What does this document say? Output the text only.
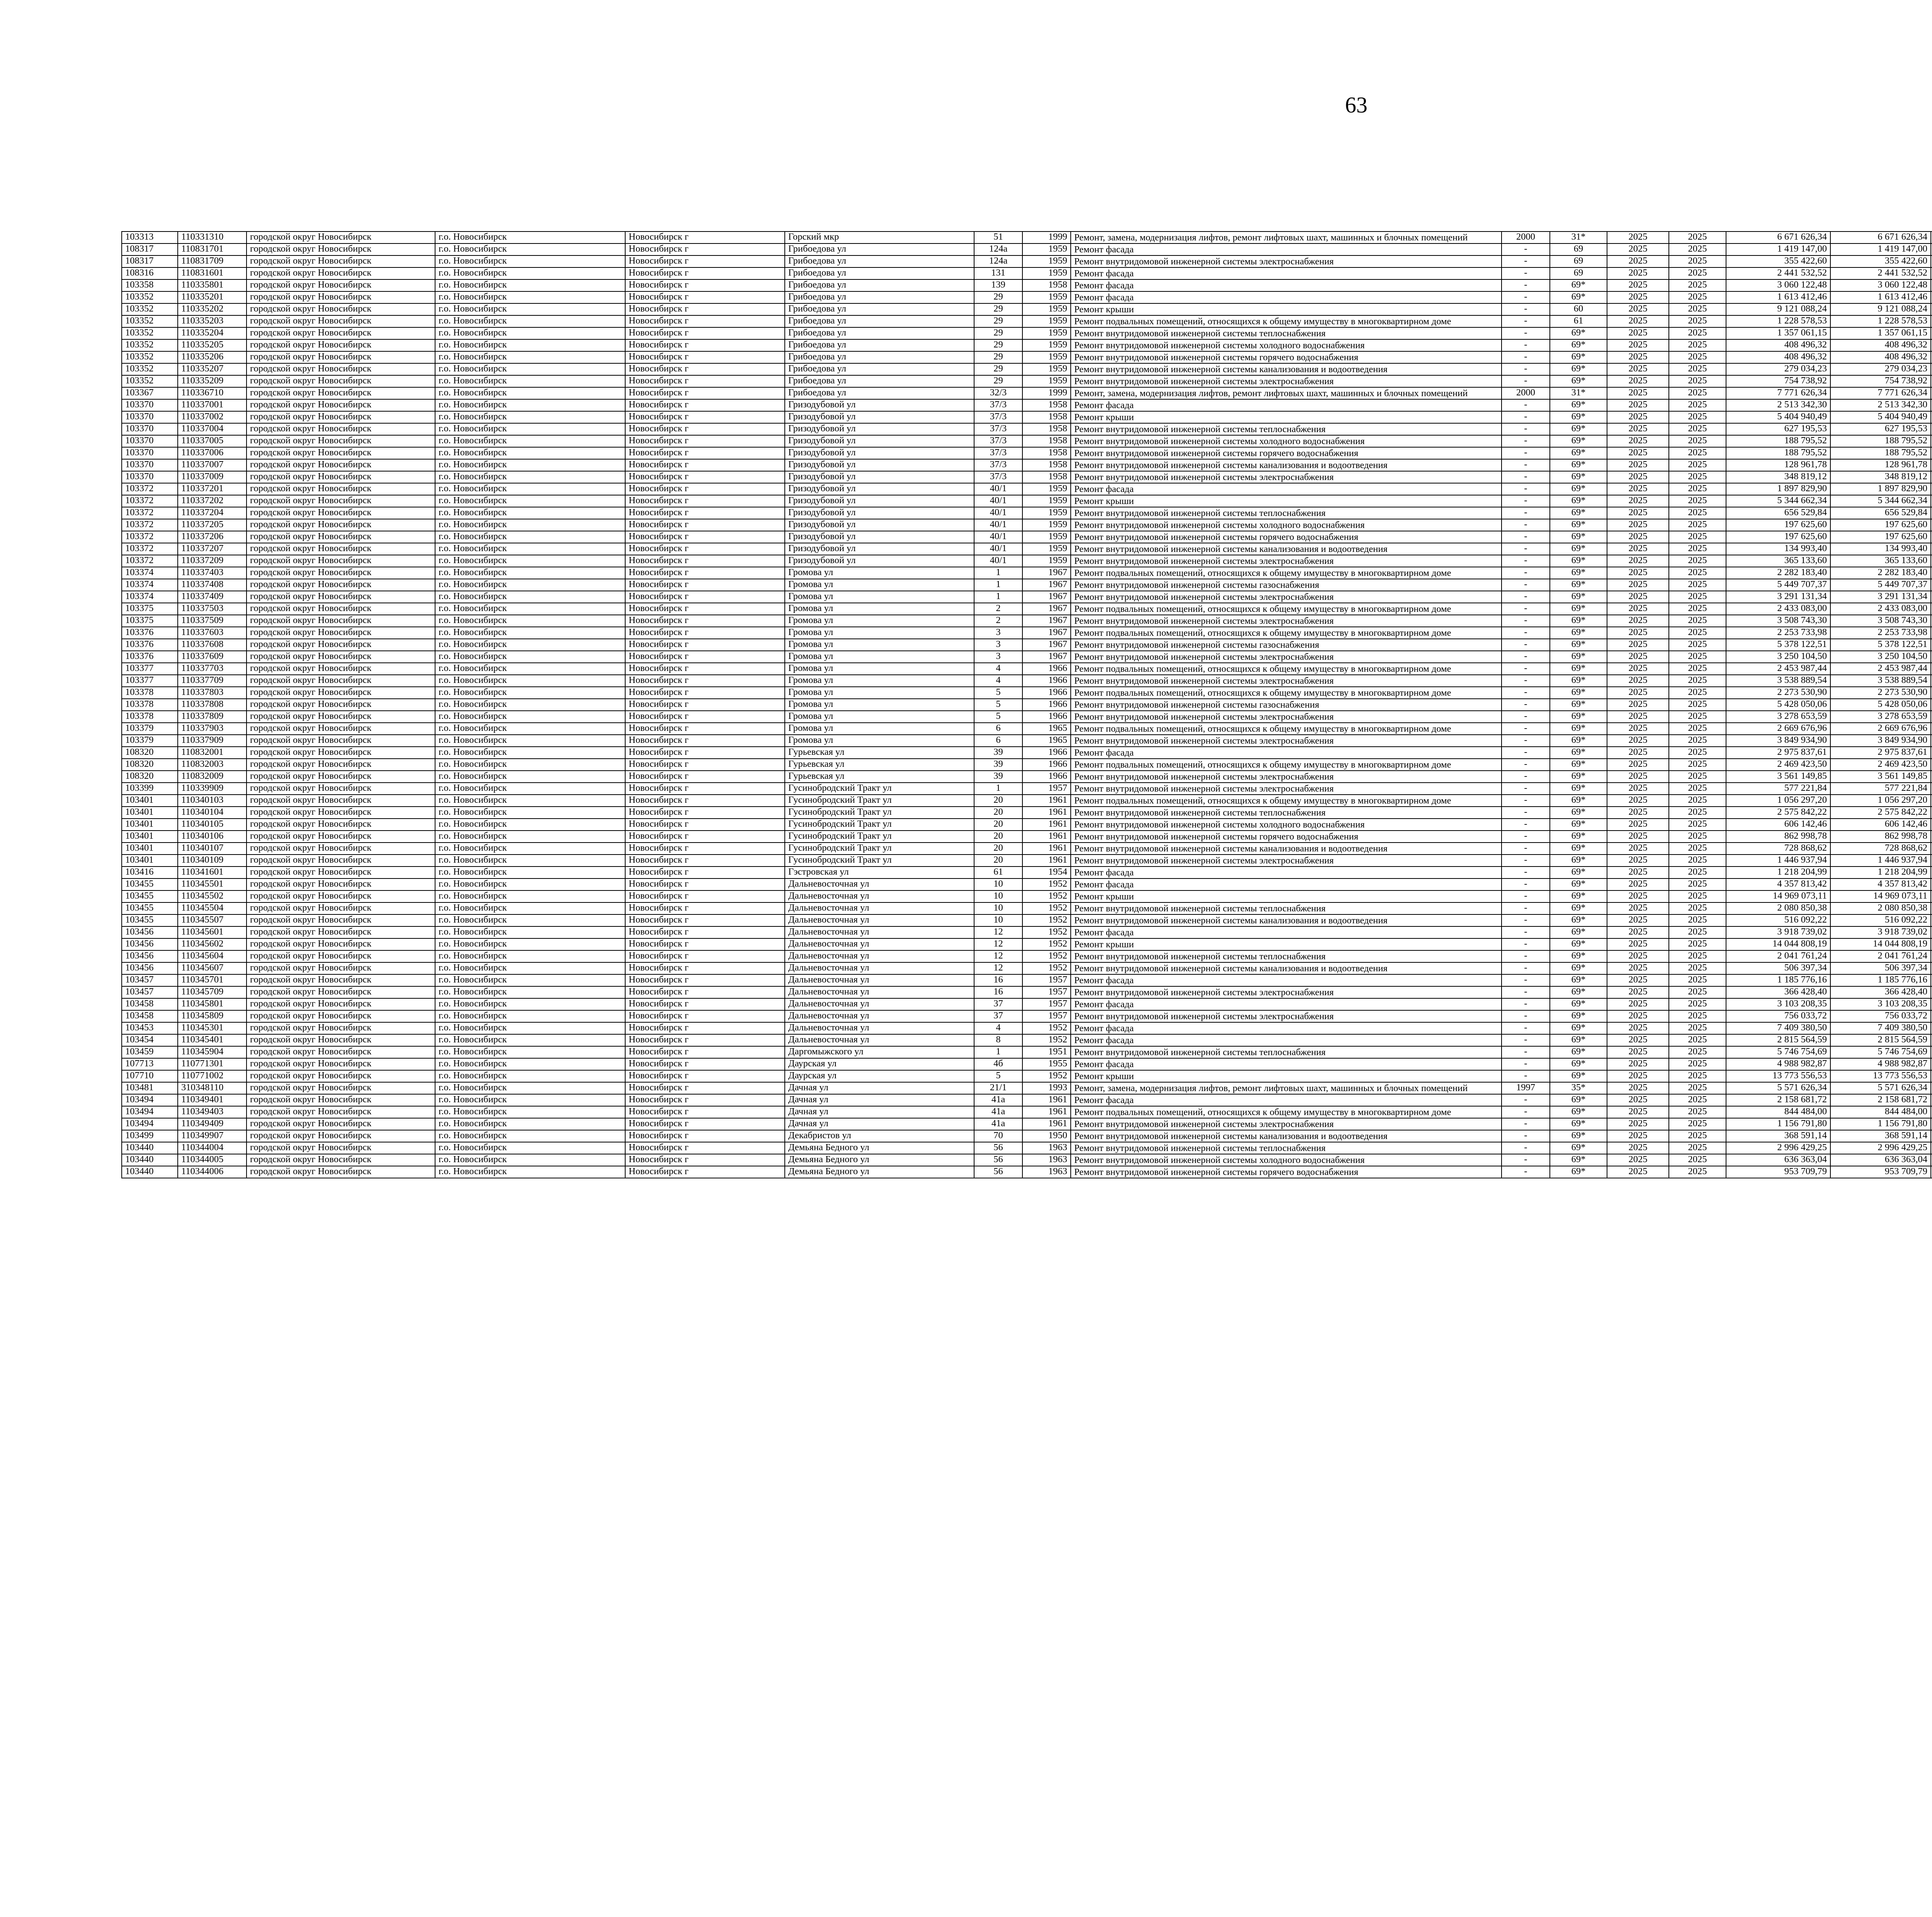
63
103313	110331310	городской округ Новосибирск	г.о. Новосибирск	Новосибирск г	Горский мкр	51	1999	Ремонт, замена, модернизация лифтов, ремонт лифтовых шахт, машинных и блочных помещений	2000	31*	2025	2025	6 671 626,34	6 671 626,34					
108317	110831701	городской округ Новосибирск	г.о. Новосибирск	Новосибирск г	Грибоедова ул	124а	1959	Ремонт фасада	-	69	2025	2025	1 419 147,00	1 419 147,00					
108317	110831709	городской округ Новосибирск	г.о. Новосибирск	Новосибирск г	Грибоедова ул	124а	1959	Ремонт внутридомовой инженерной системы электроснабжения	-	69	2025	2025	355 422,60	355 422,60					
108316	110831601	городской округ Новосибирск	г.о. Новосибирск	Новосибирск г	Грибоедова ул	131	1959	Ремонт фасада	-	69	2025	2025	2 441 532,52	2 441 532,52					
103358	110335801	городской округ Новосибирск	г.о. Новосибирск	Новосибирск г	Грибоедова ул	139	1958	Ремонт фасада	-	69*	2025	2025	3 060 122,48	3 060 122,48					
103352	110335201	городской округ Новосибирск	г.о. Новосибирск	Новосибирск г	Грибоедова ул	29	1959	Ремонт фасада	-	69*	2025	2025	1 613 412,46	1 613 412,46					
103352	110335202	городской округ Новосибирск	г.о. Новосибирск	Новосибирск г	Грибоедова ул	29	1959	Ремонт крыши	-	60	2025	2025	9 121 088,24	9 121 088,24					
103352	110335203	городской округ Новосибирск	г.о. Новосибирск	Новосибирск г	Грибоедова ул	29	1959	Ремонт подвальных помещений, относящихся к общему имуществу в многоквартирном доме	-	61	2025	2025	1 228 578,53	1 228 578,53					
103352	110335204	городской округ Новосибирск	г.о. Новосибирск	Новосибирск г	Грибоедова ул	29	1959	Ремонт внутридомовой инженерной системы теплоснабжения	-	69*	2025	2025	1 357 061,15	1 357 061,15					
103352	110335205	городской округ Новосибирск	г.о. Новосибирск	Новосибирск г	Грибоедова ул	29	1959	Ремонт внутридомовой инженерной системы холодного водоснабжения	-	69*	2025	2025	408 496,32	408 496,32					
103352	110335206	городской округ Новосибирск	г.о. Новосибирск	Новосибирск г	Грибоедова ул	29	1959	Ремонт внутридомовой инженерной системы горячего водоснабжения	-	69*	2025	2025	408 496,32	408 496,32					
103352	110335207	городской округ Новосибирск	г.о. Новосибирск	Новосибирск г	Грибоедова ул	29	1959	Ремонт внутридомовой инженерной системы канализования и водоотведения	-	69*	2025	2025	279 034,23	279 034,23					
103352	110335209	городской округ Новосибирск	г.о. Новосибирск	Новосибирск г	Грибоедова ул	29	1959	Ремонт внутридомовой инженерной системы электроснабжения	-	69*	2025	2025	754 738,92	754 738,92					
103367	110336710	городской округ Новосибирск	г.о. Новосибирск	Новосибирск г	Грибоедова ул	32/3	1999	Ремонт, замена, модернизация лифтов, ремонт лифтовых шахт, машинных и блочных помещений	2000	31*	2025	2025	7 771 626,34	7 771 626,34					
103370	110337001	городской округ Новосибирск	г.о. Новосибирск	Новосибирск г	Гризодубовой ул	37/3	1958	Ремонт фасада	-	69*	2025	2025	2 513 342,30	2 513 342,30					
103370	110337002	городской округ Новосибирск	г.о. Новосибирск	Новосибирск г	Гризодубовой ул	37/3	1958	Ремонт крыши	-	69*	2025	2025	5 404 940,49	5 404 940,49					
103370	110337004	городской округ Новосибирск	г.о. Новосибирск	Новосибирск г	Гризодубовой ул	37/3	1958	Ремонт внутридомовой инженерной системы теплоснабжения	-	69*	2025	2025	627 195,53	627 195,53					
103370	110337005	городской округ Новосибирск	г.о. Новосибирск	Новосибирск г	Гризодубовой ул	37/3	1958	Ремонт внутридомовой инженерной системы холодного водоснабжения	-	69*	2025	2025	188 795,52	188 795,52					
103370	110337006	городской округ Новосибирск	г.о. Новосибирск	Новосибирск г	Гризодубовой ул	37/3	1958	Ремонт внутридомовой инженерной системы горячего водоснабжения	-	69*	2025	2025	188 795,52	188 795,52					
103370	110337007	городской округ Новосибирск	г.о. Новосибирск	Новосибирск г	Гризодубовой ул	37/3	1958	Ремонт внутридомовой инженерной системы канализования и водоотведения	-	69*	2025	2025	128 961,78	128 961,78					
103370	110337009	городской округ Новосибирск	г.о. Новосибирск	Новосибирск г	Гризодубовой ул	37/3	1958	Ремонт внутридомовой инженерной системы электроснабжения	-	69*	2025	2025	348 819,12	348 819,12					
103372	110337201	городской округ Новосибирск	г.о. Новосибирск	Новосибирск г	Гризодубовой ул	40/1	1959	Ремонт фасада	-	69*	2025	2025	1 897 829,90	1 897 829,90					
103372	110337202	городской округ Новосибирск	г.о. Новосибирск	Новосибирск г	Гризодубовой ул	40/1	1959	Ремонт крыши	-	69*	2025	2025	5 344 662,34	5 344 662,34					
103372	110337204	городской округ Новосибирск	г.о. Новосибирск	Новосибирск г	Гризодубовой ул	40/1	1959	Ремонт внутридомовой инженерной системы теплоснабжения	-	69*	2025	2025	656 529,84	656 529,84					
103372	110337205	городской округ Новосибирск	г.о. Новосибирск	Новосибирск г	Гризодубовой ул	40/1	1959	Ремонт внутридомовой инженерной системы холодного водоснабжения	-	69*	2025	2025	197 625,60	197 625,60					
103372	110337206	городской округ Новосибирск	г.о. Новосибирск	Новосибирск г	Гризодубовой ул	40/1	1959	Ремонт внутридомовой инженерной системы горячего водоснабжения	-	69*	2025	2025	197 625,60	197 625,60					
103372	110337207	городской округ Новосибирск	г.о. Новосибирск	Новосибирск г	Гризодубовой ул	40/1	1959	Ремонт внутридомовой инженерной системы канализования и водоотведения	-	69*	2025	2025	134 993,40	134 993,40					
103372	110337209	городской округ Новосибирск	г.о. Новосибирск	Новосибирск г	Гризодубовой ул	40/1	1959	Ремонт внутридомовой инженерной системы электроснабжения	-	69*	2025	2025	365 133,60	365 133,60					
103374	110337403	городской округ Новосибирск	г.о. Новосибирск	Новосибирск г	Громова ул	1	1967	Ремонт подвальных помещений, относящихся к общему имуществу в многоквартирном доме	-	69*	2025	2025	2 282 183,40	2 282 183,40					
103374	110337408	городской округ Новосибирск	г.о. Новосибирск	Новосибирск г	Громова ул	1	1967	Ремонт внутридомовой инженерной системы газоснабжения	-	69*	2025	2025	5 449 707,37	5 449 707,37					
103374	110337409	городской округ Новосибирск	г.о. Новосибирск	Новосибирск г	Громова ул	1	1967	Ремонт внутридомовой инженерной системы электроснабжения	-	69*	2025	2025	3 291 131,34	3 291 131,34					
103375	110337503	городской округ Новосибирск	г.о. Новосибирск	Новосибирск г	Громова ул	2	1967	Ремонт подвальных помещений, относящихся к общему имуществу в многоквартирном доме	-	69*	2025	2025	2 433 083,00	2 433 083,00					
103375	110337509	городской округ Новосибирск	г.о. Новосибирск	Новосибирск г	Громова ул	2	1967	Ремонт внутридомовой инженерной системы электроснабжения	-	69*	2025	2025	3 508 743,30	3 508 743,30					
103376	110337603	городской округ Новосибирск	г.о. Новосибирск	Новосибирск г	Громова ул	3	1967	Ремонт подвальных помещений, относящихся к общему имуществу в многоквартирном доме	-	69*	2025	2025	2 253 733,98	2 253 733,98					
103376	110337608	городской округ Новосибирск	г.о. Новосибирск	Новосибирск г	Громова ул	3	1967	Ремонт внутридомовой инженерной системы газоснабжения	-	69*	2025	2025	5 378 122,51	5 378 122,51					
103376	110337609	городской округ Новосибирск	г.о. Новосибирск	Новосибирск г	Громова ул	3	1967	Ремонт внутридомовой инженерной системы электроснабжения	-	69*	2025	2025	3 250 104,50	3 250 104,50					
103377	110337703	городской округ Новосибирск	г.о. Новосибирск	Новосибирск г	Громова ул	4	1966	Ремонт подвальных помещений, относящихся к общему имуществу в многоквартирном доме	-	69*	2025	2025	2 453 987,44	2 453 987,44					
103377	110337709	городской округ Новосибирск	г.о. Новосибирск	Новосибирск г	Громова ул	4	1966	Ремонт внутридомовой инженерной системы электроснабжения	-	69*	2025	2025	3 538 889,54	3 538 889,54					
103378	110337803	городской округ Новосибирск	г.о. Новосибирск	Новосибирск г	Громова ул	5	1966	Ремонт подвальных помещений, относящихся к общему имуществу в многоквартирном доме	-	69*	2025	2025	2 273 530,90	2 273 530,90					
103378	110337808	городской округ Новосибирск	г.о. Новосибирск	Новосибирск г	Громова ул	5	1966	Ремонт внутридомовой инженерной системы газоснабжения	-	69*	2025	2025	5 428 050,06	5 428 050,06					
103378	110337809	городской округ Новосибирск	г.о. Новосибирск	Новосибирск г	Громова ул	5	1966	Ремонт внутридомовой инженерной системы электроснабжения	-	69*	2025	2025	3 278 653,59	3 278 653,59					
103379	110337903	городской округ Новосибирск	г.о. Новосибирск	Новосибирск г	Громова ул	6	1965	Ремонт подвальных помещений, относящихся к общему имуществу в многоквартирном доме	-	69*	2025	2025	2 669 676,96	2 669 676,96					
103379	110337909	городской округ Новосибирск	г.о. Новосибирск	Новосибирск г	Громова ул	6	1965	Ремонт внутридомовой инженерной системы электроснабжения	-	69*	2025	2025	3 849 934,90	3 849 934,90					
108320	110832001	городской округ Новосибирск	г.о. Новосибирск	Новосибирск г	Гурьевская ул	39	1966	Ремонт фасада	-	69*	2025	2025	2 975 837,61	2 975 837,61					
108320	110832003	городской округ Новосибирск	г.о. Новосибирск	Новосибирск г	Гурьевская ул	39	1966	Ремонт подвальных помещений, относящихся к общему имуществу в многоквартирном доме	-	69*	2025	2025	2 469 423,50	2 469 423,50					
108320	110832009	городской округ Новосибирск	г.о. Новосибирск	Новосибирск г	Гурьевская ул	39	1966	Ремонт внутридомовой инженерной системы электроснабжения	-	69*	2025	2025	3 561 149,85	3 561 149,85					
103399	110339909	городской округ Новосибирск	г.о. Новосибирск	Новосибирск г	Гусинобродский Тракт ул	1	1957	Ремонт внутридомовой инженерной системы электроснабжения	-	69*	2025	2025	577 221,84	577 221,84					
103401	110340103	городской округ Новосибирск	г.о. Новосибирск	Новосибирск г	Гусинобродский Тракт ул	20	1961	Ремонт подвальных помещений, относящихся к общему имуществу в многоквартирном доме	-	69*	2025	2025	1 056 297,20	1 056 297,20					
103401	110340104	городской округ Новосибирск	г.о. Новосибирск	Новосибирск г	Гусинобродский Тракт ул	20	1961	Ремонт внутридомовой инженерной системы теплоснабжения	-	69*	2025	2025	2 575 842,22	2 575 842,22					
103401	110340105	городской округ Новосибирск	г.о. Новосибирск	Новосибирск г	Гусинобродский Тракт ул	20	1961	Ремонт внутридомовой инженерной системы холодного водоснабжения	-	69*	2025	2025	606 142,46	606 142,46					
103401	110340106	городской округ Новосибирск	г.о. Новосибирск	Новосибирск г	Гусинобродский Тракт ул	20	1961	Ремонт внутридомовой инженерной системы горячего водоснабжения	-	69*	2025	2025	862 998,78	862 998,78					
103401	110340107	городской округ Новосибирск	г.о. Новосибирск	Новосибирск г	Гусинобродский Тракт ул	20	1961	Ремонт внутридомовой инженерной системы канализования и водоотведения	-	69*	2025	2025	728 868,62	728 868,62					
103401	110340109	городской округ Новосибирск	г.о. Новосибирск	Новосибирск г	Гусинобродский Тракт ул	20	1961	Ремонт внутридомовой инженерной системы электроснабжения	-	69*	2025	2025	1 446 937,94	1 446 937,94					
103416	110341601	городской округ Новосибирск	г.о. Новосибирск	Новосибирск г	Гэстровская ул	61	1954	Ремонт фасада	-	69*	2025	2025	1 218 204,99	1 218 204,99					
103455	110345501	городской округ Новосибирск	г.о. Новосибирск	Новосибирск г	Дальневосточная ул	10	1952	Ремонт фасада	-	69*	2025	2025	4 357 813,42	4 357 813,42					
103455	110345502	городской округ Новосибирск	г.о. Новосибирск	Новосибирск г	Дальневосточная ул	10	1952	Ремонт крыши	-	69*	2025	2025	14 969 073,11	14 969 073,11					
103455	110345504	городской округ Новосибирск	г.о. Новосибирск	Новосибирск г	Дальневосточная ул	10	1952	Ремонт внутридомовой инженерной системы теплоснабжения	-	69*	2025	2025	2 080 850,38	2 080 850,38					
103455	110345507	городской округ Новосибирск	г.о. Новосибирск	Новосибирск г	Дальневосточная ул	10	1952	Ремонт внутридомовой инженерной системы канализования и водоотведения	-	69*	2025	2025	516 092,22	516 092,22					
103456	110345601	городской округ Новосибирск	г.о. Новосибирск	Новосибирск г	Дальневосточная ул	12	1952	Ремонт фасада	-	69*	2025	2025	3 918 739,02	3 918 739,02					
103456	110345602	городской округ Новосибирск	г.о. Новосибирск	Новосибирск г	Дальневосточная ул	12	1952	Ремонт крыши	-	69*	2025	2025	14 044 808,19	14 044 808,19					
103456	110345604	городской округ Новосибирск	г.о. Новосибирск	Новосибирск г	Дальневосточная ул	12	1952	Ремонт внутридомовой инженерной системы теплоснабжения	-	69*	2025	2025	2 041 761,24	2 041 761,24					
103456	110345607	городской округ Новосибирск	г.о. Новосибирск	Новосибирск г	Дальневосточная ул	12	1952	Ремонт внутридомовой инженерной системы канализования и водоотведения	-	69*	2025	2025	506 397,34	506 397,34					
103457	110345701	городской округ Новосибирск	г.о. Новосибирск	Новосибирск г	Дальневосточная ул	16	1957	Ремонт фасада	-	69*	2025	2025	1 185 776,16	1 185 776,16					
103457	110345709	городской округ Новосибирск	г.о. Новосибирск	Новосибирск г	Дальневосточная ул	16	1957	Ремонт внутридомовой инженерной системы электроснабжения	-	69*	2025	2025	366 428,40	366 428,40					
103458	110345801	городской округ Новосибирск	г.о. Новосибирск	Новосибирск г	Дальневосточная ул	37	1957	Ремонт фасада	-	69*	2025	2025	3 103 208,35	3 103 208,35					
103458	110345809	городской округ Новосибирск	г.о. Новосибирск	Новосибирск г	Дальневосточная ул	37	1957	Ремонт внутридомовой инженерной системы электроснабжения	-	69*	2025	2025	756 033,72	756 033,72					
103453	110345301	городской округ Новосибирск	г.о. Новосибирск	Новосибирск г	Дальневосточная ул	4	1952	Ремонт фасада	-	69*	2025	2025	7 409 380,50	7 409 380,50					
103454	110345401	городской округ Новосибирск	г.о. Новосибирск	Новосибирск г	Дальневосточная ул	8	1952	Ремонт фасада	-	69*	2025	2025	2 815 564,59	2 815 564,59					
103459	110345904	городской округ Новосибирск	г.о. Новосибирск	Новосибирск г	Даргомыжского ул	1	1951	Ремонт внутридомовой инженерной системы теплоснабжения	-	69*	2025	2025	5 746 754,69	5 746 754,69					
107713	110771301	городской округ Новосибирск	г.о. Новосибирск	Новосибирск г	Даурская ул	4б	1955	Ремонт фасада	-	69*	2025	2025	4 988 982,87	4 988 982,87					
107710	110771002	городской округ Новосибирск	г.о. Новосибирск	Новосибирск г	Даурская ул	5	1952	Ремонт крыши	-	69*	2025	2025	13 773 556,53	13 773 556,53					
103481	310348110	городской округ Новосибирск	г.о. Новосибирск	Новосибирск г	Дачная ул	21/1	1993	Ремонт, замена, модернизация лифтов, ремонт лифтовых шахт, машинных и блочных помещений	1997	35*	2025	2025	5 571 626,34	5 571 626,34					
103494	110349401	городской округ Новосибирск	г.о. Новосибирск	Новосибирск г	Дачная ул	41а	1961	Ремонт фасада	-	69*	2025	2025	2 158 681,72	2 158 681,72					
103494	110349403	городской округ Новосибирск	г.о. Новосибирск	Новосибирск г	Дачная ул	41а	1961	Ремонт подвальных помещений, относящихся к общему имуществу в многоквартирном доме	-	69*	2025	2025	844 484,00	844 484,00					
103494	110349409	городской округ Новосибирск	г.о. Новосибирск	Новосибирск г	Дачная ул	41а	1961	Ремонт внутридомовой инженерной системы электроснабжения	-	69*	2025	2025	1 156 791,80	1 156 791,80					
103499	110349907	городской округ Новосибирск	г.о. Новосибирск	Новосибирск г	Декабристов ул	70	1950	Ремонт внутридомовой инженерной системы канализования и водоотведения	-	69*	2025	2025	368 591,14	368 591,14					
103440	110344004	городской округ Новосибирск	г.о. Новосибирск	Новосибирск г	Демьяна Бедного ул	56	1963	Ремонт внутридомовой инженерной системы теплоснабжения	-	69*	2025	2025	2 996 429,25	2 996 429,25					
103440	110344005	городской округ Новосибирск	г.о. Новосибирск	Новосибирск г	Демьяна Бедного ул	56	1963	Ремонт внутридомовой инженерной системы холодного водоснабжения	-	69*	2025	2025	636 363,04	636 363,04					
103440	110344006	городской округ Новосибирск	г.о. Новосибирск	Новосибирск г	Демьяна Бедного ул	56	1963	Ремонт внутридомовой инженерной системы горячего водоснабжения	-	69*	2025	2025	953 709,79	953 709,79					
